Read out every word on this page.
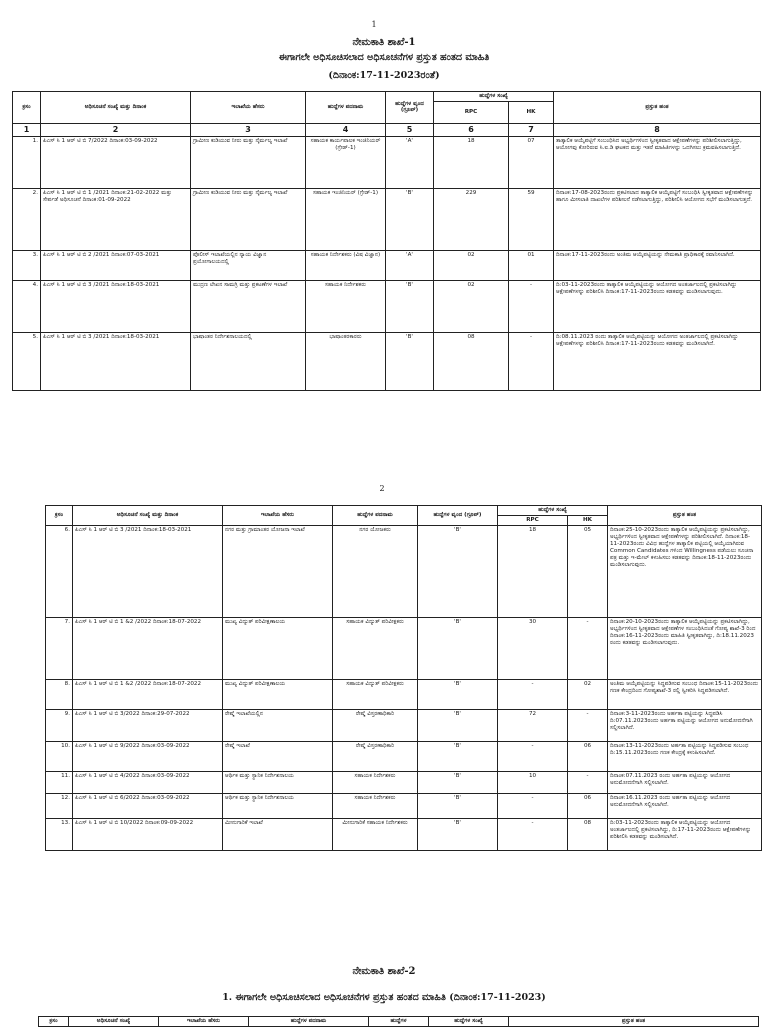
1
ನೇಮಕಾತಿ ಶಾಖೆ-1
ಈಗಾಗಲೇ ಅಧಿಸೂಚಿಸಲಾದ ಅಧಿಸೂಚನೆಗಳ ಪ್ರಸ್ತುತ ಹಂತದ ಮಾಹಿತಿ
(ದಿನಾಂಕ:17-11-2023ರಂತೆ)
ಕ್ರಸಂ	ಅಧಿಸೂಚನೆ ಸಂಖ್ಯೆ ಮತ್ತು ದಿನಾಂಕ	ಇಲಾಖೆಯ ಹೆಸರು	ಹುದ್ದೆಗಳ ಪದನಾಮ	ಹುದ್ದೆಗಳ ವೃಂದ (ಗ್ರೂಪ್)	ಹುದ್ದೆಗಳ ಸಂಖ್ಯೆ		ಪ್ರಸ್ತುತ ಹಂತ
					RPC	HK	
1	2	3	4	5	6	7	8
1.	ಪಿಎಸ್ ಸಿ 1 ಆರ್ ಟಿ ಬಿ 7/2022 ದಿನಾಂಕ:03-09-2022	ಗ್ರಾಮೀಣ ಕುಡಿಯುವ ನೀರು ಮತ್ತು ನೈರ್ಮಲ್ಯ ಇಲಾಖೆ	ಸಹಾಯಕ ಕಾರ್ಯಪಾಲಕ ಇಂಜಿನಿಯರ್ (ಗ್ರೇಡ್-1)	'A'	18	07	ತಾತ್ಕಾಲಿಕ ಆಯ್ಕೆಪಟ್ಟಿಗೆ ಸಂಬಂಧಿಸಿದ ಅಭ್ಯರ್ಥಿಗಳಿಂದ ಸ್ವೀಕೃತವಾದ ಆಕ್ಷೇಪಣೆಗಳನ್ನು ಪರಿಶೀಲಿಸಲಾಗುತ್ತಿದ್ದು, ಆಯೋಗವು ಕೋರಿರುವ ಸಿ.ಐ.ಡಿ ಘಟಕದ ಮತ್ತು ಇತರೆ ಮಾಹಿತಿಗಳನ್ನು ಒದಗಿಸಲು ಕ್ರಮವಹಿಸಲಾಗುತ್ತಿದೆ.
2.	ಪಿಎಸ್ ಸಿ 1 ಆರ್ ಟಿ ಬಿ 1 /2021 ದಿನಾಂಕ:21-02-2022 ಮತ್ತು ಸೇರ್ಪಡೆ ಅಧಿಸೂಚನೆ ದಿನಾಂಕ:01-09-2022	ಗ್ರಾಮೀಣ ಕುಡಿಯುವ ನೀರು ಮತ್ತು ನೈರ್ಮಲ್ಯ ಇಲಾಖೆ	ಸಹಾಯಕ ಇಂಜಿನಿಯರ್ (ಗ್ರೇಡ್-1)	'B'	229	59	ದಿನಾಂಕ:17-08-2023ರಂದು ಪ್ರಕಟಿಸಲಾದ ತಾತ್ಕಾಲಿಕ ಆಯ್ಕೆಪಟ್ಟಿಗೆ ಸಂಬಂಧಿಸಿ ಸ್ವೀಕೃತವಾದ ಆಕ್ಷೇಪಣೆಗಳನ್ನು ಹಾಗೂ ಮೀಸಲಾತಿ ದಾಖಲೆಗಳ ಪರಿಶೀಲನೆ ನಡೆಸಲಾಗುತ್ತಿದ್ದು, ಪರಿಶೀಲಿಸಿ ಆಯೋಗದ ಸಭೆಗೆ ಮಂಡಿಸಲಾಗುತ್ತದೆ.
3.	ಪಿಎಸ್ ಸಿ 1 ಆರ್ ಟಿ ಬಿ 2 /2021 ದಿನಾಂಕ:07-03-2021	ಪೊಲೀಸ್ ಇಲಾಖೆಯಲ್ಲಿನ ನ್ಯಾಯ ವಿಜ್ಞಾನ ಪ್ರಯೋಗಾಲಯದಲ್ಲಿ	ಸಹಾಯಕ ನಿರ್ದೇಶಕರು (ವಿಷ ವಿಜ್ಞಾನ)	'A'	02	01	ದಿನಾಂಕ:17-11-2023ರಂದು ಅಂತಿಮ ಆಯ್ಕೆಪಟ್ಟಿಯನ್ನು ನೇಮಕಾತಿ ಪ್ರಾಧಿಕಾರಕ್ಕೆ ರವಾನಿಸಲಾಗಿದೆ.
4.	ಪಿಎಸ್ ಸಿ 1 ಆರ್ ಟಿ ಬಿ 3 /2021 ದಿನಾಂಕ:18-03-2021	ಮುದ್ರಣ ಲೇಖನ ಸಾಮಗ್ರಿ ಮತ್ತು ಪ್ರಕಟಣೆಗಳ ಇಲಾಖೆ	ಸಹಾಯಕ ನಿರ್ದೇಶಕರು	'B'	02	-	ದಿ:03-11-2023ರಂದು ತಾತ್ಕಾಲಿಕ ಆಯ್ಕೆಪಟ್ಟಿಯನ್ನು ಆಯೋಗದ ಅಂತರ್ಜಾಲದಲ್ಲಿ ಪ್ರಕಟಿಸಲಾಗಿದ್ದು ಆಕ್ಷೇಪಣೆಗಳನ್ನು ಪರಿಶೀಲಿಸಿ ದಿನಾಂಕ:17-11-2023ರಂದು ಕಡತವನ್ನು ಮಂಡಿಸಲಾಗುವುದು.
5.	ಪಿಎಸ್ ಸಿ 1 ಆರ್ ಟಿ ಬಿ 3 /2021 ದಿನಾಂಕ:18-03-2021	ಭಾಷಾಂತರ ನಿರ್ದೇಶನಾಲಯದಲ್ಲಿ	ಭಾಷಾಂತರಕಾರರು	'B'	08	-	ದಿ:08.11.2023 ರಂದು ತಾತ್ಕಾಲಿಕ ಆಯ್ಕೆಪಟ್ಟಿಯನ್ನು ಆಯೋಗದ ಅಂತರ್ಜಾಲದಲ್ಲಿ ಪ್ರಕಟಿಸಲಾಗಿದ್ದು ಆಕ್ಷೇಪಣೆಗಳನ್ನು ಪರಿಶೀಲಿಸಿ ದಿನಾಂಕ:17-11-2023ರಂದು ಕಡತವನ್ನು ಮಂಡಿಸಲಾಗಿದೆ.
2
ಕ್ರಸಂ	ಅಧಿಸೂಚನೆ ಸಂಖ್ಯೆ ಮತ್ತು ದಿನಾಂಕ	ಇಲಾಖೆಯ ಹೆಸರು	ಹುದ್ದೆಗಳ ಪದನಾಮ	ಹುದ್ದೆಗಳ ವೃಂದ (ಗ್ರೂಪ್)	ಹುದ್ದೆಗಳ ಸಂಖ್ಯೆ		ಪ್ರಸ್ತುತ ಹಂತ
					RPC	HK	
6.	ಪಿಎಸ್ ಸಿ 1 ಆರ್ ಟಿ ಬಿ 3 /2021 ದಿನಾಂಕ:18-03-2021	ನಗರ ಮತ್ತು ಗ್ರಾಮಾಂತರ ಯೋಜನಾ ಇಲಾಖೆ	ನಗರ ಯೋಜಕರು	'B'	18	05	ದಿನಾಂಕ:25-10-2023ರಂದು ತಾತ್ಕಾಲಿಕ ಆಯ್ಕೆಪಟ್ಟಿಯನ್ನು ಪ್ರಕಟಿಸಲಾಗಿದ್ದು, ಅಭ್ಯರ್ಥಿಗಳಿಂದ ಸ್ವೀಕೃತವಾದ ಆಕ್ಷೇಪಣೆಗಳನ್ನು ಪರಿಶೀಲಿಸಲಾಗಿದೆ. ದಿನಾಂಕ:18-11-2023ರಂದು ವಿವಿಧ ಹುದ್ದೆಗಳ ತಾತ್ಕಾಲಿಕ ಪಟ್ಟಿಯಲ್ಲಿ ಆಯ್ಕೆಯಾಗಿರುವ Common Candidates ಗಳಿಂದ Willingness ಪಡೆಯಲು ಸೂಚನಾ ಪತ್ರ ಮತ್ತು ಇ-ಮೇಲ್ ಕಳುಹಿಸಲು ಕಡತವನ್ನು ದಿನಾಂಕ:18-11-2023ರಂದು ಮಂಡಿಸಲಾಗುವುದು.
7.	ಪಿಎಸ್ ಸಿ 1 ಆರ್ ಟಿ ಬಿ 1 &2 /2022 ದಿನಾಂಕ:18-07-2022	ಮುಖ್ಯ ವಿದ್ಯುತ್ ಪರಿವೀಕ್ಷಣಾಲಯ	ಸಹಾಯಕ ವಿದ್ಯುತ್ ಪರಿವೀಕ್ಷಕರು	'B'	30	-	ದಿನಾಂಕ:20-10-2023ರಂದು ತಾತ್ಕಾಲಿಕ ಆಯ್ಕೆಪಟ್ಟಿಯನ್ನು ಪ್ರಕಟಿಸಲಾಗಿದ್ದು, ಅಭ್ಯರ್ಥಿಗಳಿಂದ ಸ್ವೀಕೃತವಾದ ಆಕ್ಷೇಪಣೆಗಳ ಸಂಬಂಧಿಸಿದಂತೆ ಗೋಪ್ಯ ಶಾಖೆ-3 ರಿಂದ ದಿನಾಂಕ:16-11-2023ರಂದು ಮಾಹಿತಿ ಸ್ವೀಕೃತವಾಗಿದ್ದು, ದಿ:18.11.2023 ರಂದು ಕಡತವನ್ನು ಮಂಡಿಸಲಾಗುವುದು.
8.	ಪಿಎಸ್ ಸಿ 1 ಆರ್ ಟಿ ಬಿ 1 &2 /2022 ದಿನಾಂಕ:18-07-2022	ಮುಖ್ಯ ವಿದ್ಯುತ್ ಪರಿವೀಕ್ಷಣಾಲಯ	ಸಹಾಯಕ ವಿದ್ಯುತ್ ಪರಿವೀಕ್ಷಕರು	'B'	-	02	ಅಂತಿಮ ಆಯ್ಕೆಪಟ್ಟಿಯನ್ನು ಸಿದ್ಧಪಡಿಸುವ ಸಂಬಂಧ ದಿನಾಂಕ:15-11-2023ರಂದು ಗಣಕ ಕೇಂದ್ರದಿಂದ ಗೋಪ್ಯಶಾಖೆ-3 ರಲ್ಲಿ ಸ್ವೀಕರಿಸಿ ಸಿದ್ಧಪಡಿಸಲಾಗಿದೆ.
9.	ಪಿಎಸ್ ಸಿ 1 ಆರ್ ಟಿ ಬಿ 3/2022 ದಿನಾಂಕ:29-07-2022	ರೇಷ್ಮೆ ಇಲಾಖೆಯಲ್ಲಿನ	ರೇಷ್ಮೆ ವಿಸ್ತರಣಾಧಿಕಾರಿ	'B'	72	-	ದಿನಾಂಕ:3-11-2023ರಂದು ಅರ್ಹತಾ ಪಟ್ಟಿಯನ್ನು ಸಿದ್ಧಪಡಿಸಿ ದಿ:07.11.2023ರಂದು ಅರ್ಹತಾ ಪಟ್ಟಿಯನ್ನು ಆಯೋಗದ ಅನುಮೋದನೆಗಾಗಿ ಸಲ್ಲಿಸಲಾಗಿದೆ.
10.	ಪಿಎಸ್ ಸಿ 1 ಆರ್ ಟಿ ಬಿ 9/2022 ದಿನಾಂಕ:03-09-2022	ರೇಷ್ಮೆ ಇಲಾಖೆ	ರೇಷ್ಮೆ ವಿಸ್ತರಣಾಧಿಕಾರಿ	'B'	-	06	ದಿನಾಂಕ:13-11-2023ರಂದು ಅರ್ಹತಾ ಪಟ್ಟಿಯನ್ನು ಸಿದ್ಧಪಡಿಸುವ ಸಂಬಂಧ ದಿ:15.11.2023ರಂದು ಗಣಕ ಕೇಂದ್ರಕ್ಕೆ ಕಳುಹಿಸಲಾಗಿದೆ.
11.	ಪಿಎಸ್ ಸಿ 1 ಆರ್ ಟಿ ಬಿ 4/2022 ದಿನಾಂಕ:03-09-2022	ಆರ್ಥಿಕ ಮತ್ತು ಸ್ಥಾನಿಕ ನಿರ್ದೇಶನಾಲಯ	ಸಹಾಯಕ ನಿರ್ದೇಶಕರು	'B'	10	-	ದಿನಾಂಕ:07.11.2023 ರಂದು ಅರ್ಹತಾ ಪಟ್ಟಿಯನ್ನು ಆಯೋಗದ ಅನುಮೋದನೆಗಾಗಿ ಸಲ್ಲಿಸಲಾಗಿದೆ.
12.	ಪಿಎಸ್ ಸಿ 1 ಆರ್ ಟಿ ಬಿ 6/2022 ದಿನಾಂಕ:03-09-2022	ಆರ್ಥಿಕ ಮತ್ತು ಸ್ಥಾನಿಕ ನಿರ್ದೇಶನಾಲಯ	ಸಹಾಯಕ ನಿರ್ದೇಶಕರು	'B'	-	06	ದಿನಾಂಕ:16.11.2023 ರಂದು ಅರ್ಹತಾ ಪಟ್ಟಿಯನ್ನು ಆಯೋಗದ ಅನುಮೋದನೆಗಾಗಿ ಸಲ್ಲಿಸಲಾಗಿದೆ.
13.	ಪಿಎಸ್ ಸಿ 1 ಆರ್ ಟಿ ಬಿ 10/2022 ದಿನಾಂಕ:09-09-2022	ಮೀನುಗಾರಿಕೆ ಇಲಾಖೆ	ಮೀನುಗಾರಿಕೆ ಸಹಾಯಕ ನಿರ್ದೇಶಕರು	'B'	-	08	ದಿ:03-11-2023ರಂದು ತಾತ್ಕಾಲಿಕ ಆಯ್ಕೆಪಟ್ಟಿಯನ್ನು ಆಯೋಗದ ಅಂತರ್ಜಾಲದಲ್ಲಿ ಪ್ರಕಟಿಸಲಾಗಿದ್ದು, ದಿ:17-11-2023ರಂದು ಆಕ್ಷೇಪಣೆಗಳನ್ನು ಪರಿಶೀಲಿಸಿ ಕಡತವನ್ನು ಮಂಡಿಸಲಾಗಿದೆ.
ನೇಮಕಾತಿ ಶಾಖೆ-2
1. ಈಗಾಗಲೇ ಅಧಿಸೂಚಿಸಲಾದ ಅಧಿಸೂಚನೆಗಳ ಪ್ರಸ್ತುತ ಹಂತದ ಮಾಹಿತಿ (ದಿನಾಂಕ:17-11-2023)
ಕ್ರಸಂ	ಅಧಿಸೂಚನೆ ಸಂಖ್ಯೆ	ಇಲಾಖೆಯ ಹೆಸರು	ಹುದ್ದೆಗಳ ಪದನಾಮ	ಹುದ್ದೆಗಳ	ಹುದ್ದೆಗಳ ಸಂಖ್ಯೆ	ಪ್ರಸ್ತುತ ಹಂತ
